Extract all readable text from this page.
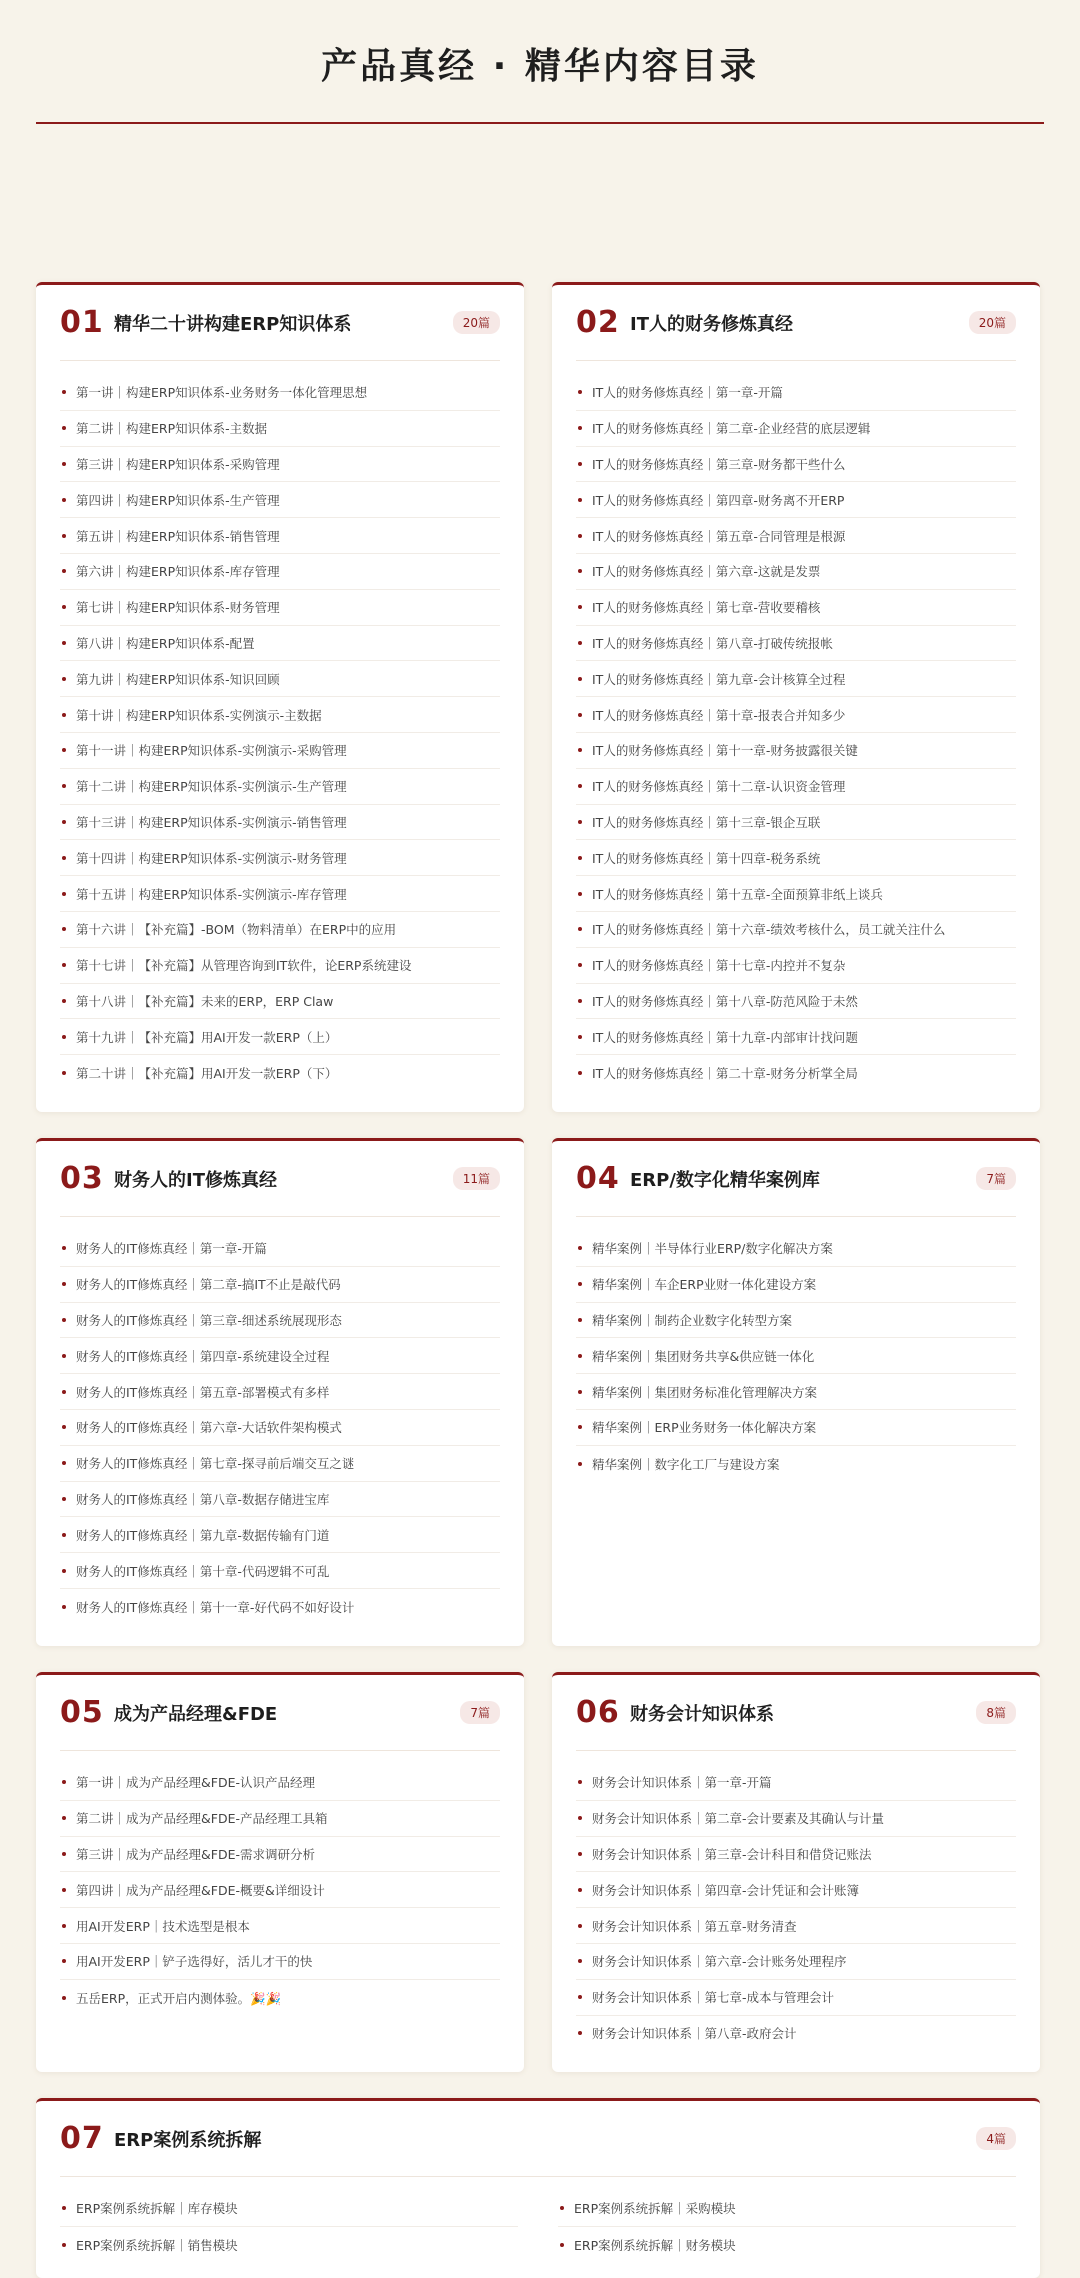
产品真经 · 精华内容目录
01 精华二十讲构建ERP知识体系	20篇
第一讲｜构建ERP知识体系-业务财务一体化管理思想
第二讲｜构建ERP知识体系-主数据
第三讲｜构建ERP知识体系-采购管理
第四讲｜构建ERP知识体系-生产管理
第五讲｜构建ERP知识体系-销售管理
第六讲｜构建ERP知识体系-库存管理
第七讲｜构建ERP知识体系-财务管理
第八讲｜构建ERP知识体系-配置
第九讲｜构建ERP知识体系-知识回顾
第十讲｜构建ERP知识体系-实例演示-主数据
第十一讲｜构建ERP知识体系-实例演示-采购管理
第十二讲｜构建ERP知识体系-实例演示-生产管理
第十三讲｜构建ERP知识体系-实例演示-销售管理
第十四讲｜构建ERP知识体系-实例演示-财务管理
第十五讲｜构建ERP知识体系-实例演示-库存管理
第十六讲｜【补充篇】-BOM（物料清单）在ERP中的应用
第十七讲｜【补充篇】从管理咨询到IT软件，论ERP系统建设
第十八讲｜【补充篇】未来的ERP，ERP Claw
第十九讲｜【补充篇】用AI开发一款ERP（上）
第二十讲｜【补充篇】用AI开发一款ERP（下）
02 IT人的财务修炼真经	20篇
IT人的财务修炼真经｜第一章-开篇
IT人的财务修炼真经｜第二章-企业经营的底层逻辑
IT人的财务修炼真经｜第三章-财务都干些什么
IT人的财务修炼真经｜第四章-财务离不开ERP
IT人的财务修炼真经｜第五章-合同管理是根源
IT人的财务修炼真经｜第六章-这就是发票
IT人的财务修炼真经｜第七章-营收要稽核
IT人的财务修炼真经｜第八章-打破传统报帐
IT人的财务修炼真经｜第九章-会计核算全过程
IT人的财务修炼真经｜第十章-报表合并知多少
IT人的财务修炼真经｜第十一章-财务披露很关键
IT人的财务修炼真经｜第十二章-认识资金管理
IT人的财务修炼真经｜第十三章-银企互联
IT人的财务修炼真经｜第十四章-税务系统
IT人的财务修炼真经｜第十五章-全面预算非纸上谈兵
IT人的财务修炼真经｜第十六章-绩效考核什么，员工就关注什么
IT人的财务修炼真经｜第十七章-内控并不复杂
IT人的财务修炼真经｜第十八章-防范风险于未然
IT人的财务修炼真经｜第十九章-内部审计找问题
IT人的财务修炼真经｜第二十章-财务分析掌全局
03 财务人的IT修炼真经	11篇
财务人的IT修炼真经｜第一章-开篇
财务人的IT修炼真经｜第二章-搞IT不止是敲代码
财务人的IT修炼真经｜第三章-细述系统展现形态
财务人的IT修炼真经｜第四章-系统建设全过程
财务人的IT修炼真经｜第五章-部署模式有多样
财务人的IT修炼真经｜第六章-大话软件架构模式
财务人的IT修炼真经｜第七章-探寻前后端交互之谜
财务人的IT修炼真经｜第八章-数据存储进宝库
财务人的IT修炼真经｜第九章-数据传输有门道
财务人的IT修炼真经｜第十章-代码逻辑不可乱
财务人的IT修炼真经｜第十一章-好代码不如好设计
04 ERP/数字化精华案例库	7篇
精华案例｜半导体行业ERP/数字化解决方案
精华案例｜车企ERP业财一体化建设方案
精华案例｜制药企业数字化转型方案
精华案例｜集团财务共享&供应链一体化
精华案例｜集团财务标准化管理解决方案
精华案例｜ERP业务财务一体化解决方案
精华案例｜数字化工厂与建设方案
05 成为产品经理&FDE	7篇
第一讲｜成为产品经理&FDE-认识产品经理
第二讲｜成为产品经理&FDE-产品经理工具箱
第三讲｜成为产品经理&FDE-需求调研分析
第四讲｜成为产品经理&FDE-概要&详细设计
用AI开发ERP｜技术选型是根本
用AI开发ERP｜铲子选得好，活儿才干的快
五岳ERP，正式开启内测体验。🎉🎉
06 财务会计知识体系	8篇
财务会计知识体系｜第一章-开篇
财务会计知识体系｜第二章-会计要素及其确认与计量
财务会计知识体系｜第三章-会计科目和借贷记账法
财务会计知识体系｜第四章-会计凭证和会计账簿
财务会计知识体系｜第五章-财务清查
财务会计知识体系｜第六章-会计账务处理程序
财务会计知识体系｜第七章-成本与管理会计
财务会计知识体系｜第八章-政府会计
07 ERP案例系统拆解	4篇
ERP案例系统拆解｜库存模块
ERP案例系统拆解｜销售模块
ERP案例系统拆解｜采购模块
ERP案例系统拆解｜财务模块
